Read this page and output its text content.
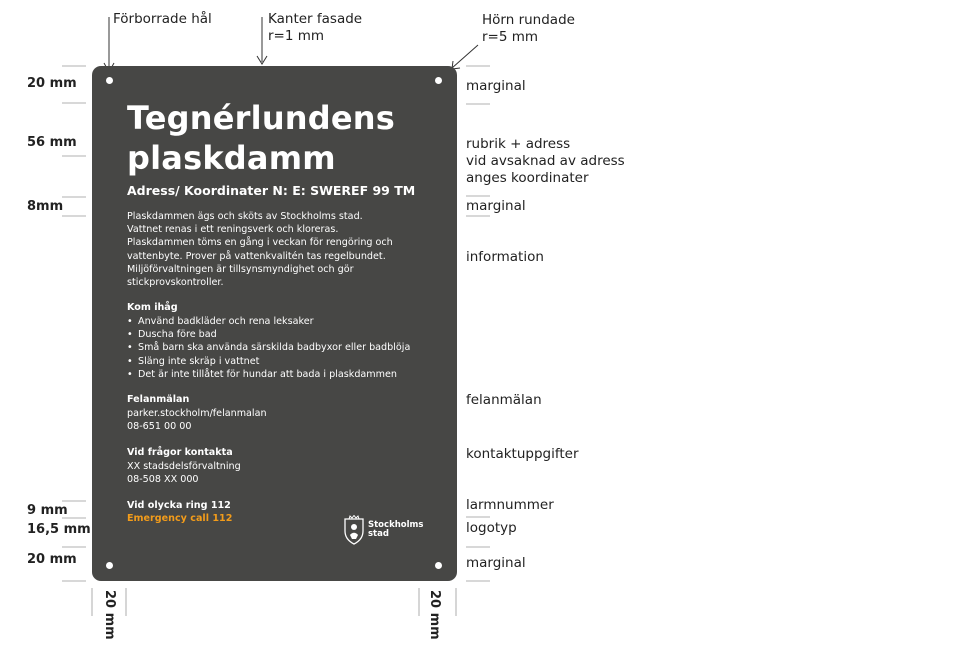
Förborrade hål	Kanter fasade
r=1 mm
Hörn rundade
r=5 mm
20 mm
56 mm
8mm
9 mm
16,5 mm
20 mm
20 mm	20 mm
marginal
rubrik + adress
vid avsaknad av adress
anges koordinater
marginal
information
felanmälan
kontaktuppgifter
larmnummer
logotyp
marginal
Tegnérlundens plaskdamm
Adress/ Koordinater N: E: SWEREF 99 TM
Plaskdammen ägs och sköts av Stockholms stad.
Vattnet renas i ett reningsverk och kloreras.
Plaskdammen töms en gång i veckan för rengöring och vattenbyte. Prover på vattenkvalitén tas regelbundet. Miljöförvaltningen är tillsynsmyndighet och gör stickprovskontroller.
Kom ihåg
• Använd badkläder och rena leksaker
• Duscha före bad
• Små barn ska använda särskilda badbyxor eller badblöja
• Släng inte skräp i vattnet
• Det är inte tillåtet för hundar att bada i plaskdammen
Felanmälan
parker.stockholm/felanmalan
08-651 00 00
Vid frågor kontakta
XX stadsdelsförvaltning
08-508 XX 000
Vid olycka ring 112
Emergency call 112
Stockholms
stad
